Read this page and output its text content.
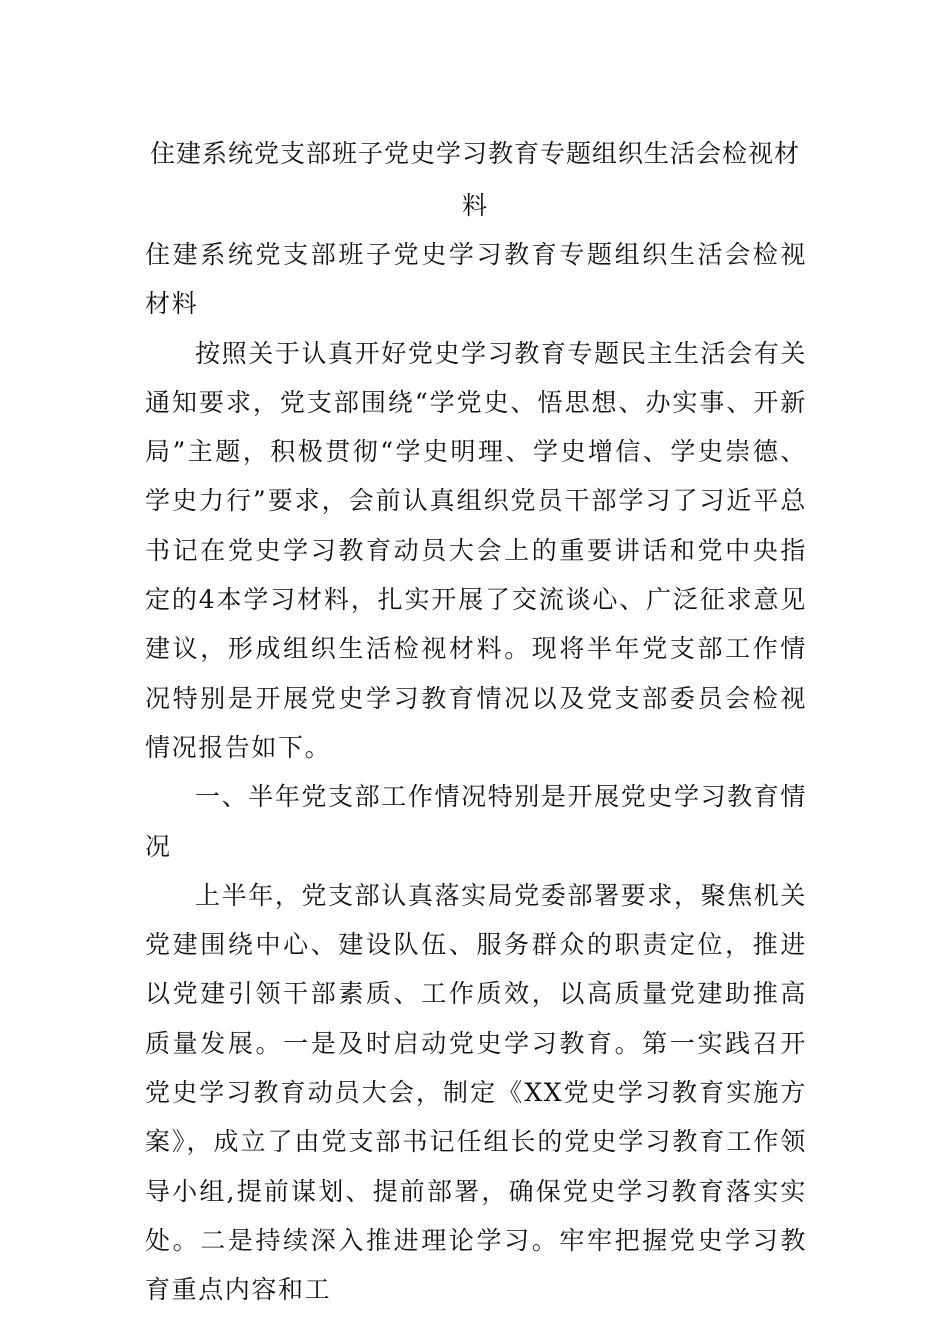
住建系统党支部班子党史学习教育专题组织生活会检视材料

住建系统党支部班子党史学习教育专题组织生活会检视材料

按照关于认真开好党史学习教育专题民主生活会有关通知要求，党支部围绕“学党史、悟思想、办实事、开新局”主题，积极贯彻“学史明理、学史增信、学史崇德、学史力行”要求，会前认真组织党员干部学习了习近平总书记在党史学习教育动员大会上的重要讲话和党中央指定的4本学习材料，扎实开展了交流谈心、广泛征求意见建议，形成组织生活检视材料。现将半年党支部工作情况特别是开展党史学习教育情况以及党支部委员会检视情况报告如下。

一、半年党支部工作情况特别是开展党史学习教育情况

上半年，党支部认真落实局党委部署要求，聚焦机关党建围绕中心、建设队伍、服务群众的职责定位，推进以党建引领干部素质、工作质效，以高质量党建助推高质量发展。一是及时启动党史学习教育。第一实践召开党史学习教育动员大会，制定《XX党史学习教育实施方案》，成立了由党支部书记任组长的党史学习教育工作领导小组,提前谋划、提前部署，确保党史学习教育落实实处。二是持续深入推进理论学习。牢牢把握党史学习教育重点内容和工
